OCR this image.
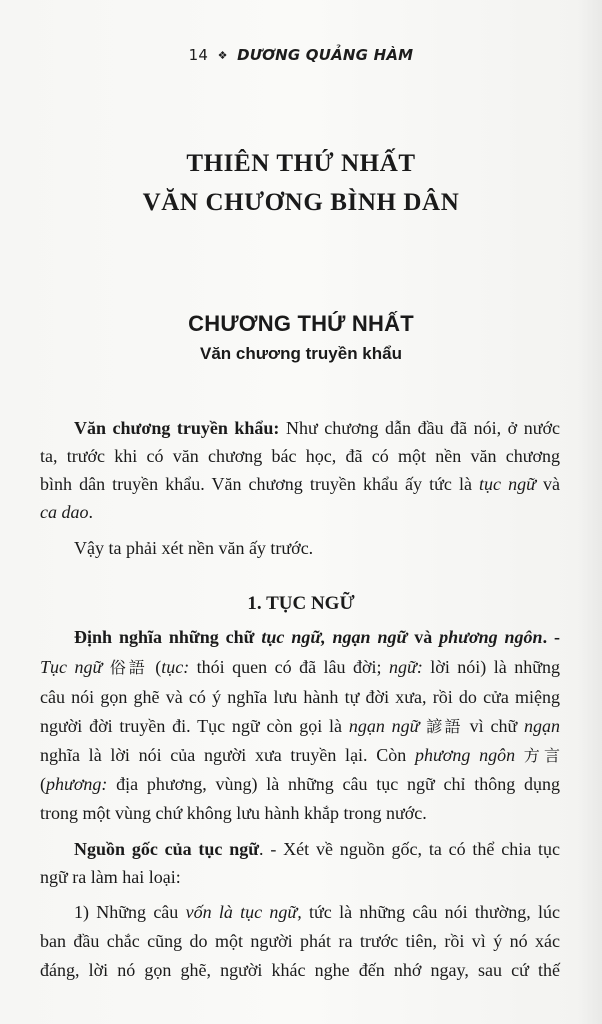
14 ❖ DƯƠNG QUẢNG HÀM
THIÊN THỨ NHẤT
VĂN CHƯƠNG BÌNH DÂN
CHƯƠNG THỨ NHẤT
Văn chương truyền khẩu
Văn chương truyền khẩu: Như chương dẫn đầu đã nói, ở nước
ta, trước khi có văn chương bác học, đã có một nền văn chương
bình dân truyền khẩu. Văn chương truyền khẩu ấy tức là tục ngữ và
ca dao.
Vậy ta phải xét nền văn ấy trước.
1. TỤC NGỮ
Định nghĩa những chữ tục ngữ, ngạn ngữ và phương ngôn. -
Tục ngữ 俗語 (tục: thói quen có đã lâu đời; ngữ: lời nói) là những
câu nói gọn ghẽ và có ý nghĩa lưu hành tự đời xưa, rồi do cửa miệng
người đời truyền đi. Tục ngữ còn gọi là ngạn ngữ 諺語 vì chữ ngạn
nghĩa là lời nói của người xưa truyền lại. Còn phương ngôn 方言
(phương: địa phương, vùng) là những câu tục ngữ chỉ thông dụng
trong một vùng chứ không lưu hành khắp trong nước.
Nguồn gốc của tục ngữ. - Xét về nguồn gốc, ta có thể chia tục
ngữ ra làm hai loại:
1) Những câu vốn là tục ngữ, tức là những câu nói thường, lúc
ban đầu chắc cũng do một người phát ra trước tiên, rồi vì ý nó xác
đáng, lời nó gọn ghẽ, người khác nghe đến nhớ ngay, sau cứ thế
